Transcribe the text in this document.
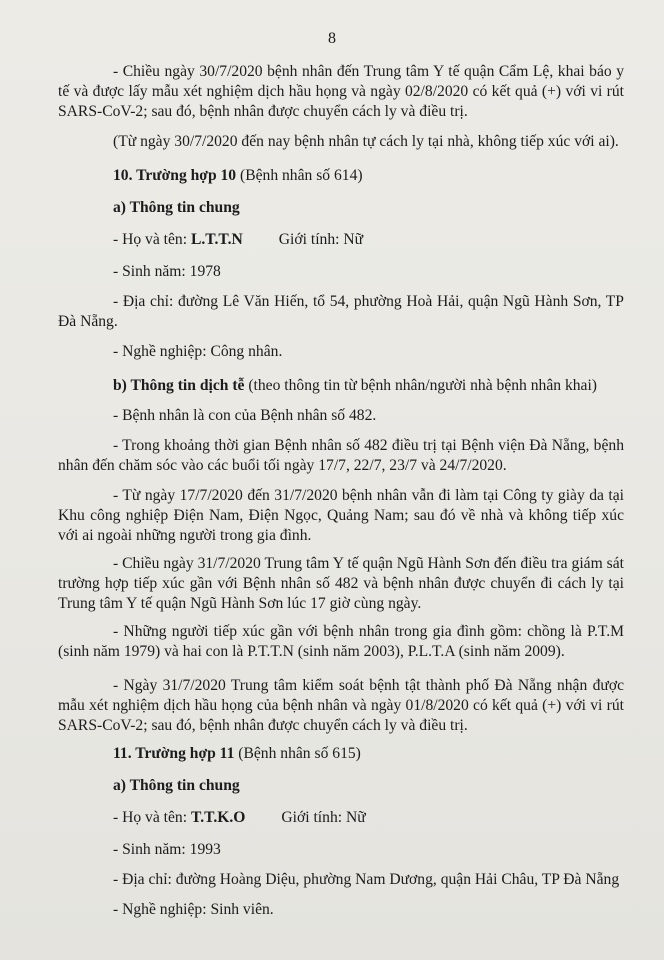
8

- Chiều ngày 30/7/2020 bệnh nhân đến Trung tâm Y tế quận Cẩm Lệ, khai báo y tế và được lấy mẫu xét nghiệm dịch hầu họng và ngày 02/8/2020 có kết quả (+) với vi rút SARS-CoV-2; sau đó, bệnh nhân được chuyển cách ly và điều trị.

(Từ ngày 30/7/2020 đến nay bệnh nhân tự cách ly tại nhà, không tiếp xúc với ai).

10. Trường hợp 10 (Bệnh nhân số 614)

a) Thông tin chung

- Họ và tên: L.T.T.N Giới tính: Nữ

- Sinh năm: 1978

- Địa chỉ: đường Lê Văn Hiến, tổ 54, phường Hoà Hải, quận Ngũ Hành Sơn, TP Đà Nẵng.

- Nghề nghiệp: Công nhân.

b) Thông tin dịch tễ (theo thông tin từ bệnh nhân/người nhà bệnh nhân khai)

- Bệnh nhân là con của Bệnh nhân số 482.

- Trong khoảng thời gian Bệnh nhân số 482 điều trị tại Bệnh viện Đà Nẵng, bệnh nhân đến chăm sóc vào các buổi tối ngày 17/7, 22/7, 23/7 và 24/7/2020.

- Từ ngày 17/7/2020 đến 31/7/2020 bệnh nhân vẫn đi làm tại Công ty giày da tại Khu công nghiệp Điện Nam, Điện Ngọc, Quảng Nam; sau đó về nhà và không tiếp xúc với ai ngoài những người trong gia đình.

- Chiều ngày 31/7/2020 Trung tâm Y tế quận Ngũ Hành Sơn đến điều tra giám sát trường hợp tiếp xúc gần với Bệnh nhân số 482 và bệnh nhân được chuyển đi cách ly tại Trung tâm Y tế quận Ngũ Hành Sơn lúc 17 giờ cùng ngày.

- Những người tiếp xúc gần với bệnh nhân trong gia đình gồm: chồng là P.T.M (sinh năm 1979) và hai con là P.T.T.N (sinh năm 2003), P.L.T.A (sinh năm 2009).

- Ngày 31/7/2020 Trung tâm kiểm soát bệnh tật thành phố Đà Nẵng nhận được mẫu xét nghiệm dịch hầu họng của bệnh nhân và ngày 01/8/2020 có kết quả (+) với vi rút SARS-CoV-2; sau đó, bệnh nhân được chuyển cách ly và điều trị.

11. Trường hợp 11 (Bệnh nhân số 615)

a) Thông tin chung

- Họ và tên: T.T.K.O Giới tính: Nữ

- Sinh năm: 1993

- Địa chỉ: đường Hoàng Diệu, phường Nam Dương, quận Hải Châu, TP Đà Nẵng

- Nghề nghiệp: Sinh viên.
